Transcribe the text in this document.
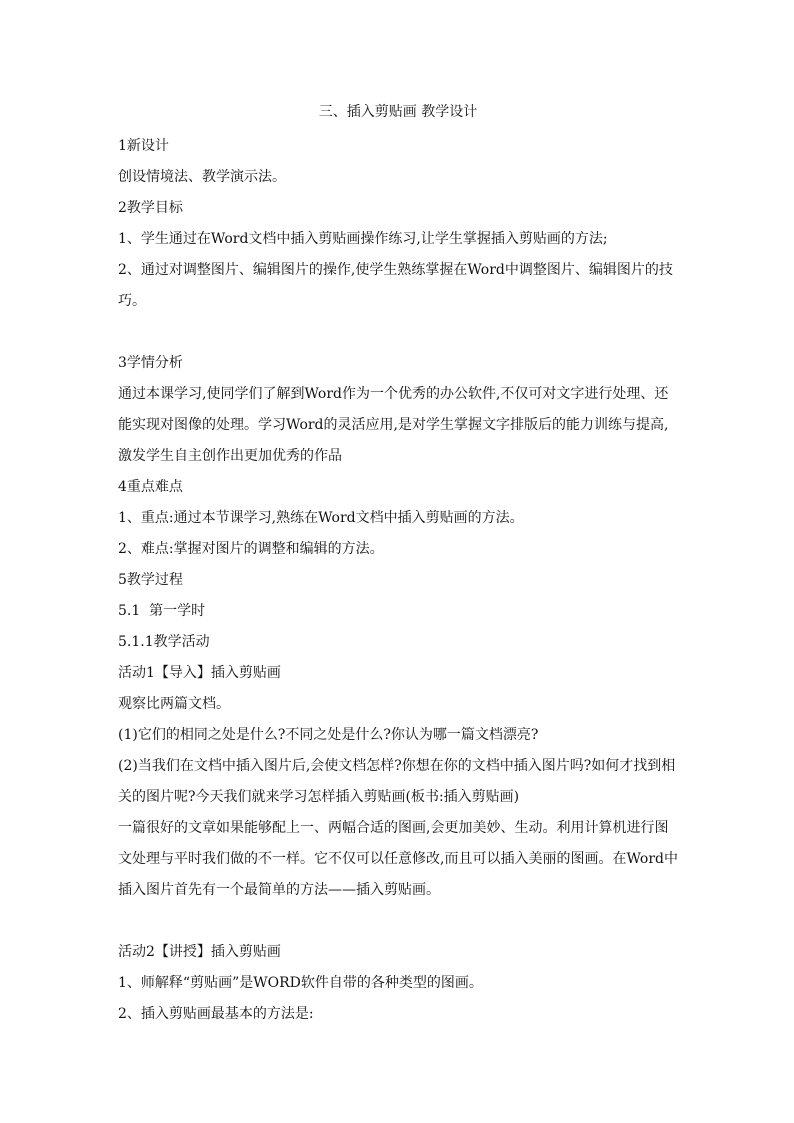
三、插入剪贴画 教学设计

1新设计

创设情境法、教学演示法。

2教学目标

1、学生通过在Word文档中插入剪贴画操作练习,让学生掌握插入剪贴画的方法;

2、通过对调整图片、编辑图片的操作,使学生熟练掌握在Word中调整图片、编辑图片的技

巧。

3学情分析

通过本课学习,使同学们了解到Word作为一个优秀的办公软件,不仅可对文字进行处理、还

能实现对图像的处理。学习Word的灵活应用,是对学生掌握文字排版后的能力训练与提高,

激发学生自主创作出更加优秀的作品

4重点难点

1、重点:通过本节课学习,熟练在Word文档中插入剪贴画的方法。

2、难点:掌握对图片的调整和编辑的方法。

5教学过程

5.1  第一学时

5.1.1教学活动

活动1【导入】插入剪贴画

观察比两篇文档。

(1)它们的相同之处是什么?不同之处是什么?你认为哪一篇文档漂亮?

(2)当我们在文档中插入图片后,会使文档怎样?你想在你的文档中插入图片吗?如何才找到相

关的图片呢?今天我们就来学习怎样插入剪贴画(板书:插入剪贴画)

一篇很好的文章如果能够配上一、两幅合适的图画,会更加美妙、生动。利用计算机进行图

文处理与平时我们做的不一样。它不仅可以任意修改,而且可以插入美丽的图画。在Word中

插入图片首先有一个最简单的方法——插入剪贴画。

活动2【讲授】插入剪贴画

1、师解释“剪贴画”是WORD软件自带的各种类型的图画。

2、插入剪贴画最基本的方法是:
